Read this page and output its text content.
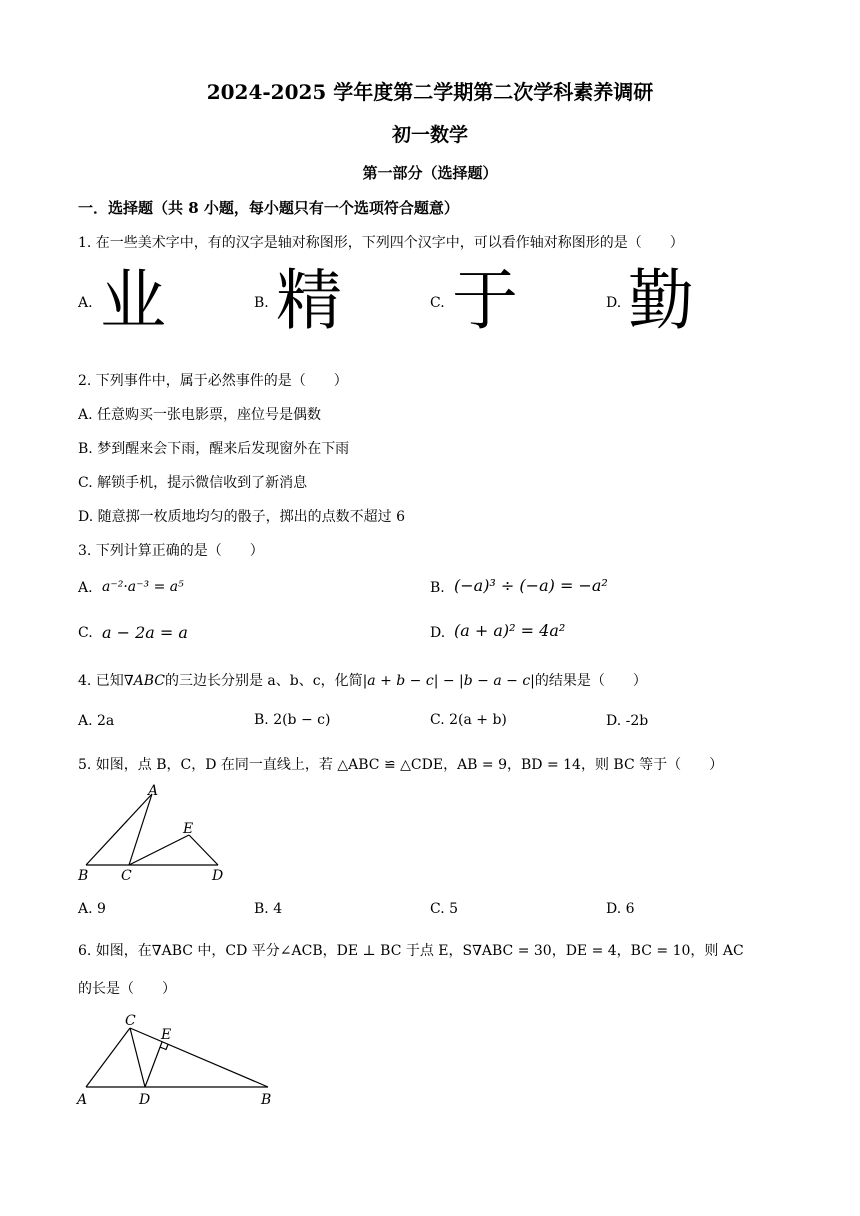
2024-2025 学年度第二学期第二次学科素养调研
初一数学
第一部分（选择题）
一．选择题（共 8 小题，每小题只有一个选项符合题意）
1. 在一些美术字中，有的汉字是轴对称图形，下列四个汉字中，可以看作轴对称图形的是（　　）
A. 业	B. 精	C. 于	D. 勤
2. 下列事件中，属于必然事件的是（　　）
A. 任意购买一张电影票，座位号是偶数
B. 梦到醒来会下雨，醒来后发现窗外在下雨
C. 解锁手机，提示微信收到了新消息
D. 随意掷一枚质地均匀的骰子，掷出的点数不超过 6
3. 下列计算正确的是（　　）
A. a⁻²·a⁻³ = a⁵	B. (−a)³ ÷ (−a) = −a²
C. a − 2a = a	D. (a + a)² = 4a²
4. 已知∇ABC的三边长分别是 a、b、c，化简|a + b − c| − |b − a − c|的结果是（　　）
A. 2a	B. 2(b − c)	C. 2(a + b)	D. -2b
5. 如图，点 B，C，D 在同一直线上，若 △ABC ≌ △CDE，AB = 9，BD = 14，则 BC 等于（　　）
A
E
B C	D
A. 9	B. 4	C. 5	D. 6
6. 如图，在∇ABC 中，CD 平分∠ACB，DE ⊥ BC 于点 E，S∇ABC = 30，DE = 4，BC = 10，则 AC
的长是（　　）
C
E
A	D	B
